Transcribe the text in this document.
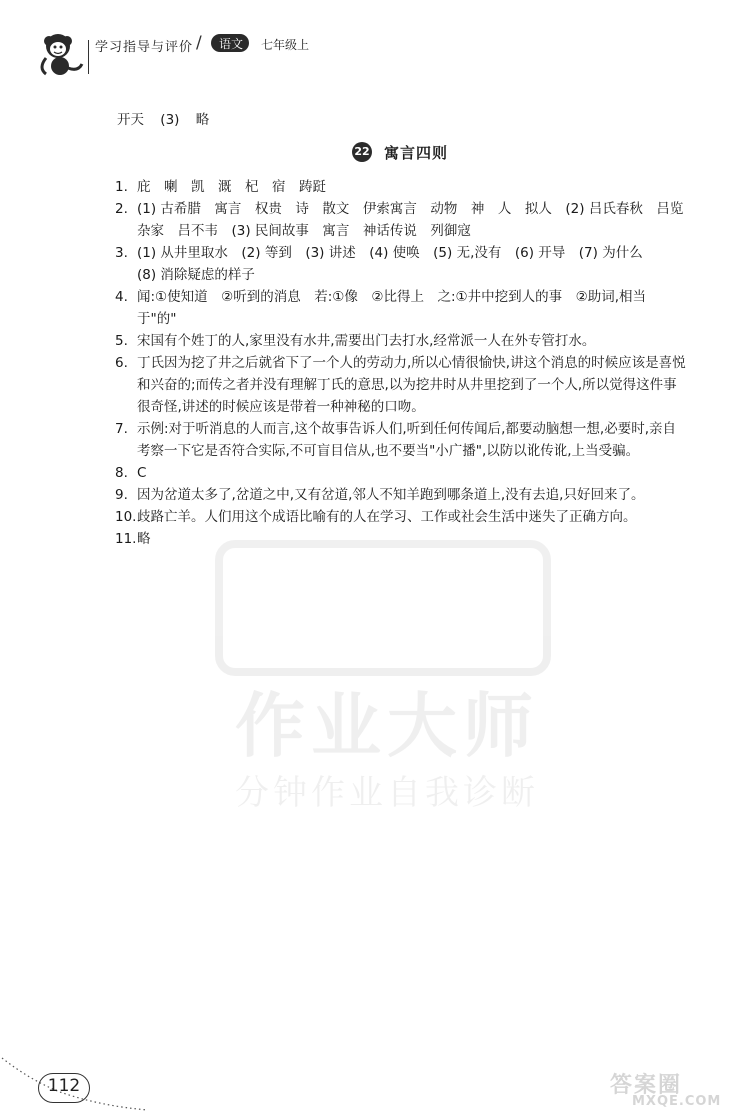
学习指导与评价 /	语文	七年级上
开天 (3) 略
22 寓言四则
作业大师
分钟作业自我诊断
1. 庇　喇　凯　溉　杞　宿　踌跹
2. (1) 古希腊　寓言　权贵　诗　散文　伊索寓言　动物　神　人　拟人　(2) 吕氏春秋　吕览
杂家　吕不韦　(3) 民间故事　寓言　神话传说　列御寇
3. (1) 从井里取水　(2) 等到　(3) 讲述　(4) 使唤　(5) 无,没有　(6) 开导　(7) 为什么
(8) 消除疑虑的样子
4. 闻:①使知道　②听到的消息　若:①像　②比得上　之:①井中挖到人的事　②助词,相当
于"的"
5. 宋国有个姓丁的人,家里没有水井,需要出门去打水,经常派一人在外专管打水。
6. 丁氏因为挖了井之后就省下了一个人的劳动力,所以心情很愉快,讲这个消息的时候应该是喜悦
和兴奋的;而传之者并没有理解丁氏的意思,以为挖井时从井里挖到了一个人,所以觉得这件事
很奇怪,讲述的时候应该是带着一种神秘的口吻。
7. 示例:对于听消息的人而言,这个故事告诉人们,听到任何传闻后,都要动脑想一想,必要时,亲自
考察一下它是否符合实际,不可盲目信从,也不要当"小广播",以防以讹传讹,上当受骗。
8. C
9. 因为岔道太多了,岔道之中,又有岔道,邻人不知羊跑到哪条道上,没有去追,只好回来了。
10. 歧路亡羊。人们用这个成语比喻有的人在学习、工作或社会生活中迷失了正确方向。
11. 略
112	答案圈
MXQE.COM
